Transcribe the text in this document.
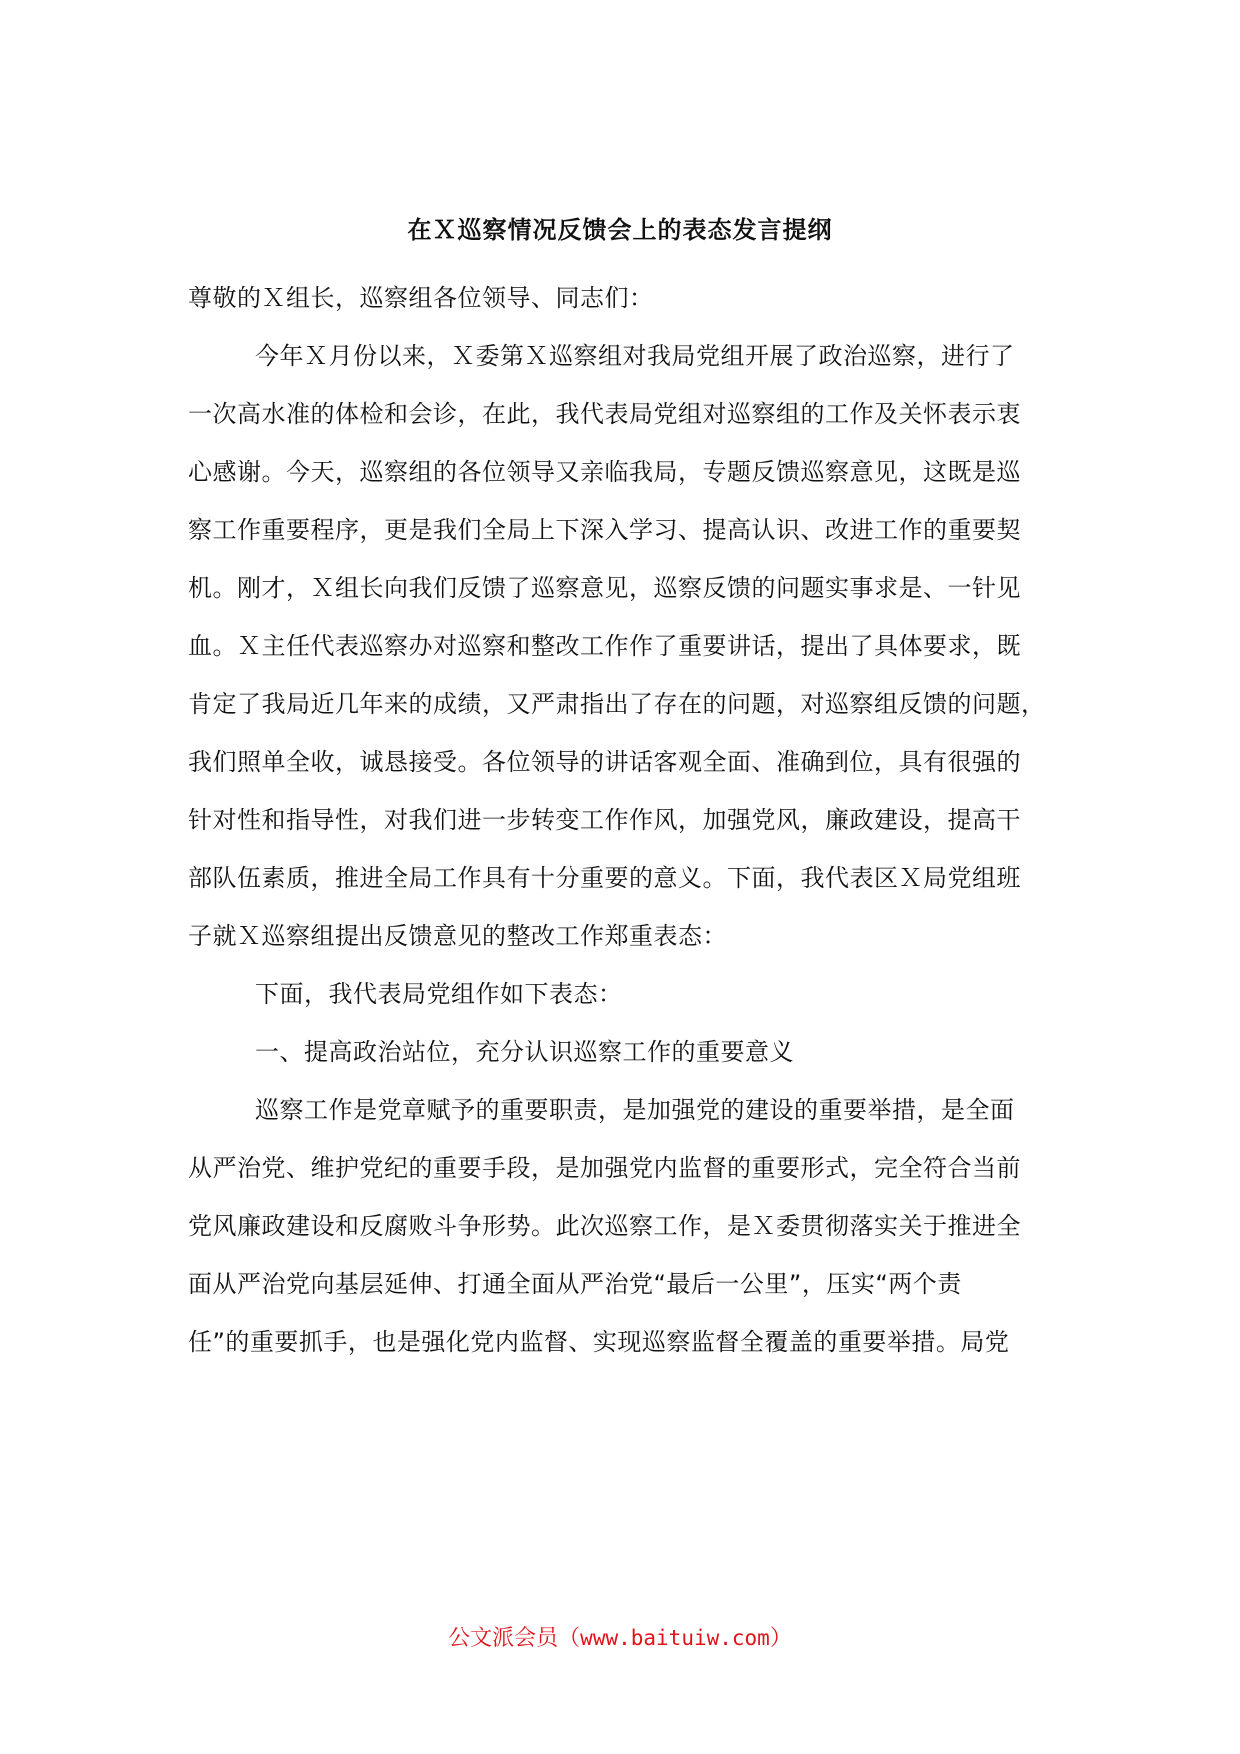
在Ｘ巡察情况反馈会上的表态发言提纲
尊敬的Ｘ组长，巡察组各位领导、同志们：
今年Ｘ月份以来，Ｘ委第Ｘ巡察组对我局党组开展了政治巡察，进行了
一次高水准的体检和会诊，在此，我代表局党组对巡察组的工作及关怀表示衷
心感谢。今天，巡察组的各位领导又亲临我局，专题反馈巡察意见，这既是巡
察工作重要程序，更是我们全局上下深入学习、提高认识、改进工作的重要契
机。刚才，Ｘ组长向我们反馈了巡察意见，巡察反馈的问题实事求是、一针见
血。Ｘ主任代表巡察办对巡察和整改工作作了重要讲话，提出了具体要求，既
肯定了我局近几年来的成绩，又严肃指出了存在的问题，对巡察组反馈的问题，
我们照单全收，诚恳接受。各位领导的讲话客观全面、准确到位，具有很强的
针对性和指导性，对我们进一步转变工作作风，加强党风，廉政建设，提高干
部队伍素质，推进全局工作具有十分重要的意义。下面，我代表区Ｘ局党组班
子就Ｘ巡察组提出反馈意见的整改工作郑重表态：
下面，我代表局党组作如下表态：
一、提高政治站位，充分认识巡察工作的重要意义
巡察工作是党章赋予的重要职责，是加强党的建设的重要举措，是全面
从严治党、维护党纪的重要手段，是加强党内监督的重要形式，完全符合当前
党风廉政建设和反腐败斗争形势。此次巡察工作，是Ｘ委贯彻落实关于推进全
面从严治党向基层延伸、打通全面从严治党“最后一公里”，压实“两个责
任”的重要抓手，也是强化党内监督、实现巡察监督全覆盖的重要举措。局党
公文派会员（www.baituiw.com）
